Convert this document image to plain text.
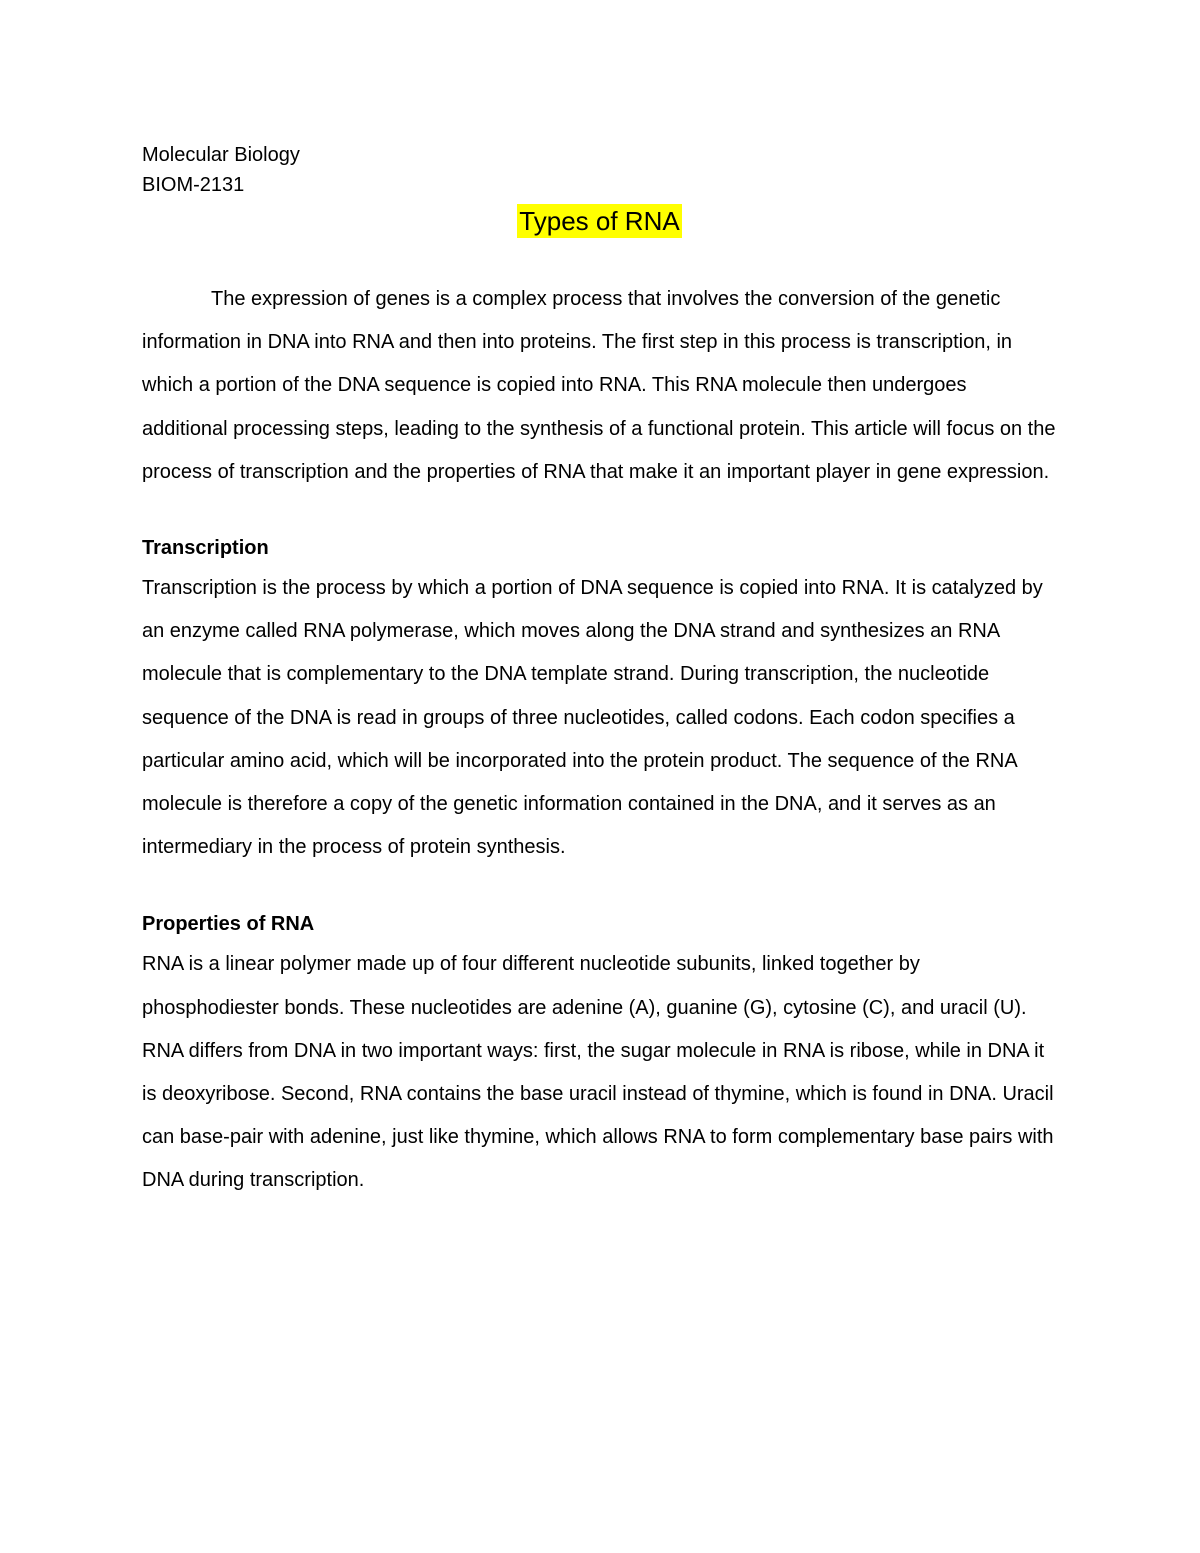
Molecular Biology

BIOM-2131

Types of RNA

The expression of genes is a complex process that involves the conversion of the genetic information in DNA into RNA and then into proteins. The first step in this process is transcription, in which a portion of the DNA sequence is copied into RNA. This RNA molecule then undergoes additional processing steps, leading to the synthesis of a functional protein. This article will focus on the process of transcription and the properties of RNA that make it an important player in gene expression.

Transcription

Transcription is the process by which a portion of DNA sequence is copied into RNA. It is catalyzed by an enzyme called RNA polymerase, which moves along the DNA strand and synthesizes an RNA molecule that is complementary to the DNA template strand. During transcription, the nucleotide sequence of the DNA is read in groups of three nucleotides, called codons. Each codon specifies a particular amino acid, which will be incorporated into the protein product. The sequence of the RNA molecule is therefore a copy of the genetic information contained in the DNA, and it serves as an intermediary in the process of protein synthesis.

Properties of RNA

RNA is a linear polymer made up of four different nucleotide subunits, linked together by phosphodiester bonds. These nucleotides are adenine (A), guanine (G), cytosine (C), and uracil (U). RNA differs from DNA in two important ways: first, the sugar molecule in RNA is ribose, while in DNA it is deoxyribose. Second, RNA contains the base uracil instead of thymine, which is found in DNA. Uracil can base-pair with adenine, just like thymine, which allows RNA to form complementary base pairs with DNA during transcription.
